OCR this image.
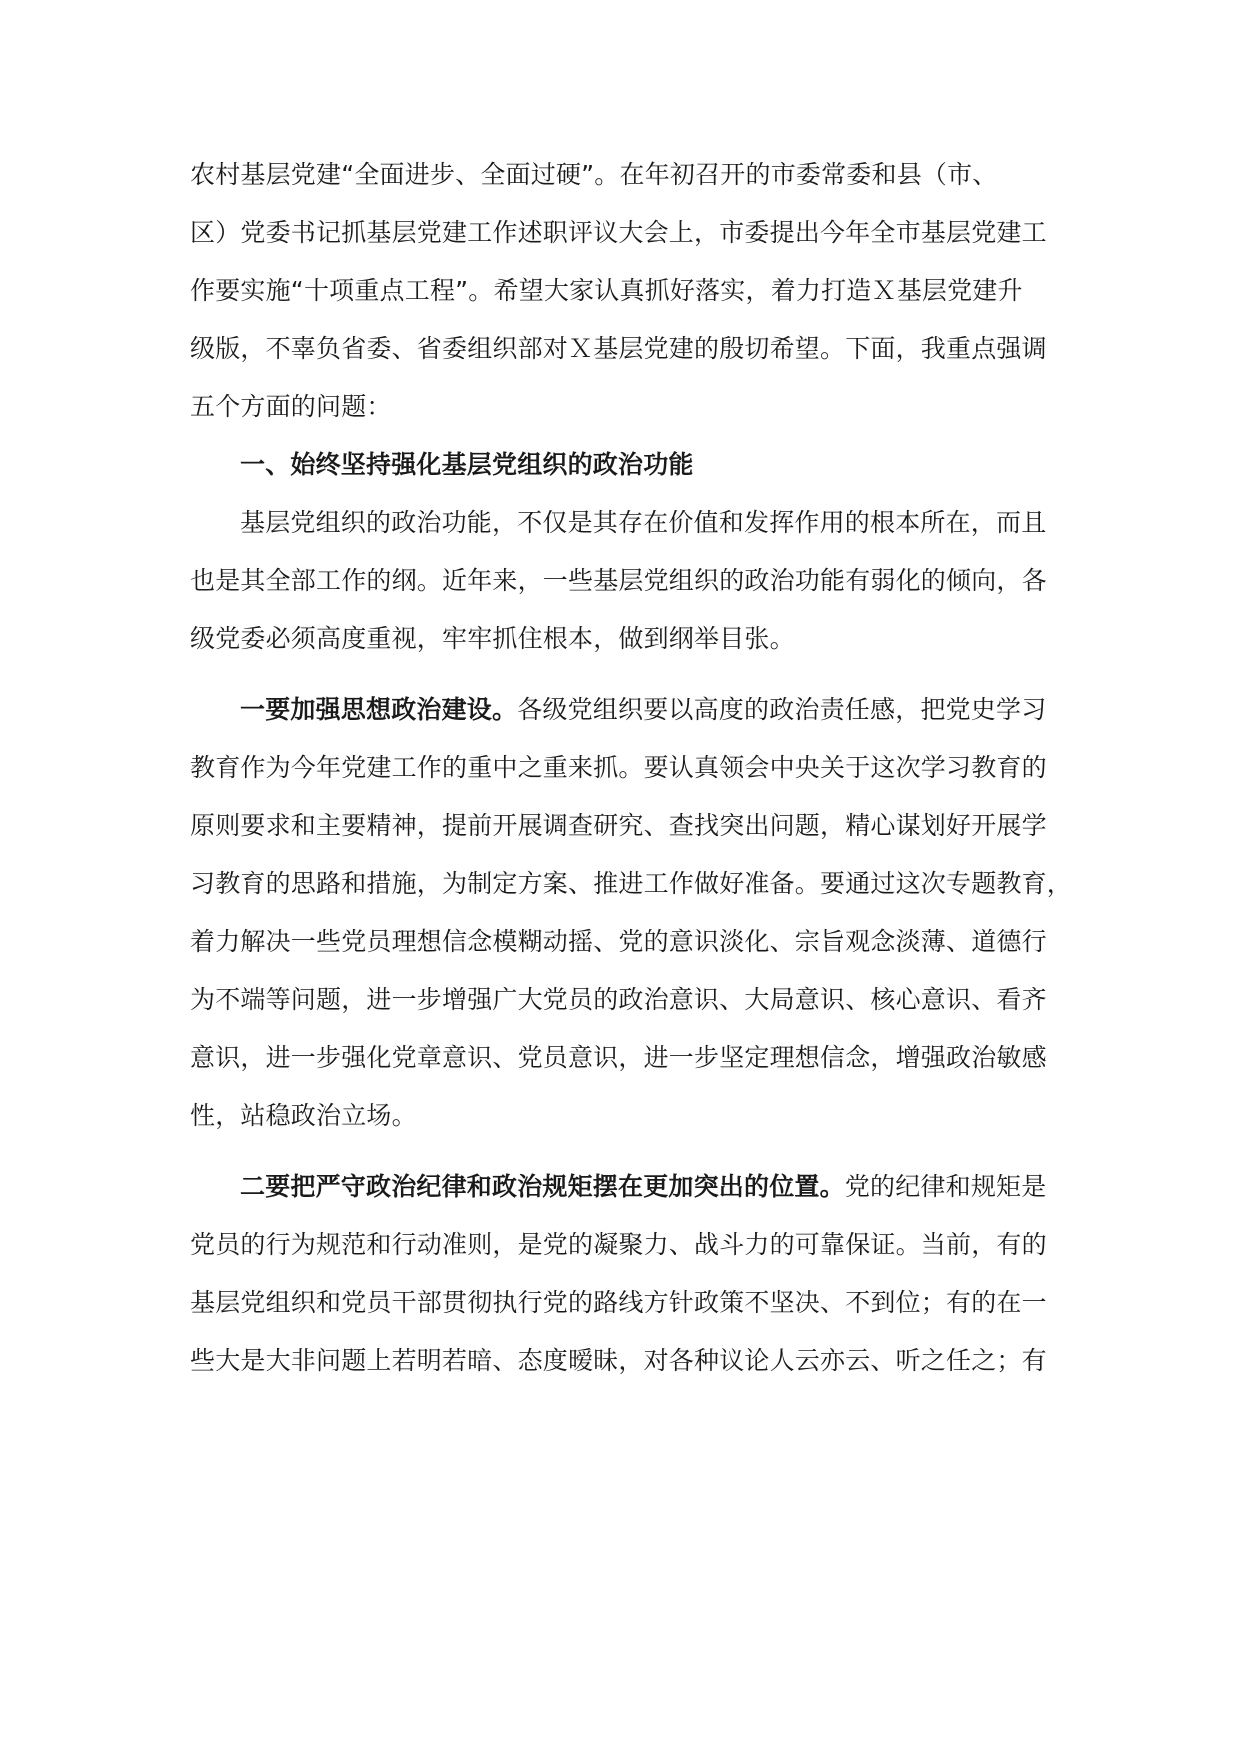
农村基层党建“全面进步、全面过硬”。在年初召开的市委常委和县（市、
区）党委书记抓基层党建工作述职评议大会上，市委提出今年全市基层党建工
作要实施“十项重点工程”。希望大家认真抓好落实，着力打造Ｘ基层党建升
级版，不辜负省委、省委组织部对Ｘ基层党建的殷切希望。下面，我重点强调
五个方面的问题：
一、始终坚持强化基层党组织的政治功能
基层党组织的政治功能，不仅是其存在价值和发挥作用的根本所在，而且
也是其全部工作的纲。近年来，一些基层党组织的政治功能有弱化的倾向，各
级党委必须高度重视，牢牢抓住根本，做到纲举目张。
一要加强思想政治建设。各级党组织要以高度的政治责任感，把党史学习
教育作为今年党建工作的重中之重来抓。要认真领会中央关于这次学习教育的
原则要求和主要精神，提前开展调查研究、查找突出问题，精心谋划好开展学
习教育的思路和措施，为制定方案、推进工作做好准备。要通过这次专题教育，
着力解决一些党员理想信念模糊动摇、党的意识淡化、宗旨观念淡薄、道德行
为不端等问题，进一步增强广大党员的政治意识、大局意识、核心意识、看齐
意识，进一步强化党章意识、党员意识，进一步坚定理想信念，增强政治敏感
性，站稳政治立场。
二要把严守政治纪律和政治规矩摆在更加突出的位置。党的纪律和规矩是
党员的行为规范和行动准则，是党的凝聚力、战斗力的可靠保证。当前，有的
基层党组织和党员干部贯彻执行党的路线方针政策不坚决、不到位；有的在一
些大是大非问题上若明若暗、态度暧昧，对各种议论人云亦云、听之任之；有
